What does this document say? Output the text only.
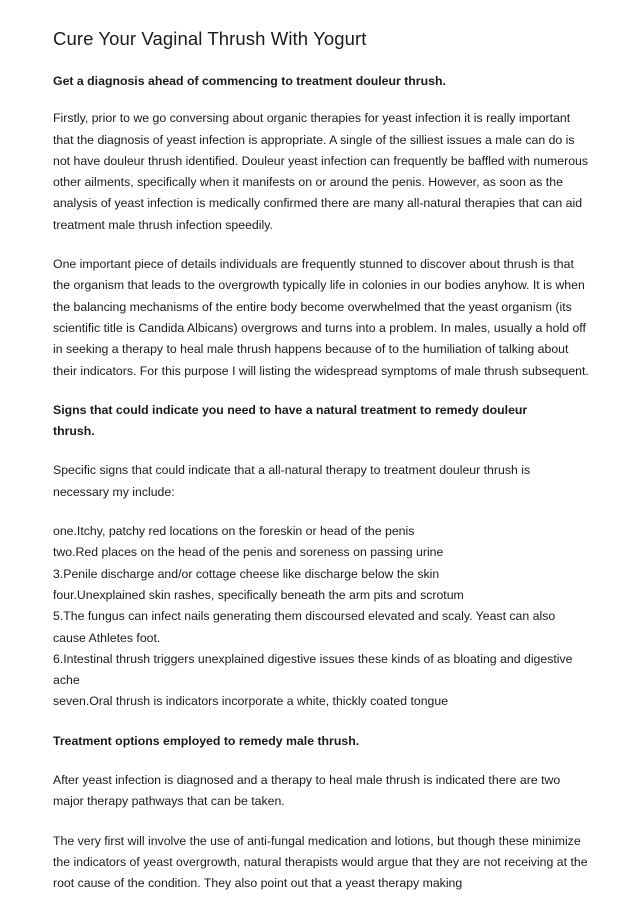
Cure Your Vaginal Thrush With Yogurt

Get a diagnosis ahead of commencing to treatment douleur thrush.

Firstly, prior to we go conversing about organic therapies for yeast infection it is really important that the diagnosis of yeast infection is appropriate. A single of the silliest issues a male can do is not have douleur thrush identified. Douleur yeast infection can frequently be baffled with numerous other ailments, specifically when it manifests on or around the penis. However, as soon as the analysis of yeast infection is medically confirmed there are many all-natural therapies that can aid treatment male thrush infection speedily.

One important piece of details individuals are frequently stunned to discover about thrush is that the organism that leads to the overgrowth typically life in colonies in our bodies anyhow. It is when the balancing mechanisms of the entire body become overwhelmed that the yeast organism (its scientific title is Candida Albicans) overgrows and turns into a problem. In males, usually a hold off in seeking a therapy to heal male thrush happens because of to the humiliation of talking about their indicators. For this purpose I will listing the widespread symptoms of male thrush subsequent.

Signs that could indicate you need to have a natural treatment to remedy douleur thrush.

Specific signs that could indicate that a all-natural therapy to treatment douleur thrush is necessary my include:

one.Itchy, patchy red locations on the foreskin or head of the penis
two.Red places on the head of the penis and soreness on passing urine
3.Penile discharge and/or cottage cheese like discharge below the skin
four.Unexplained skin rashes, specifically beneath the arm pits and scrotum
5.The fungus can infect nails generating them discoursed elevated and scaly. Yeast can also cause Athletes foot.
6.Intestinal thrush triggers unexplained digestive issues these kinds of as bloating and digestive ache
seven.Oral thrush is indicators incorporate a white, thickly coated tongue

Treatment options employed to remedy male thrush.

After yeast infection is diagnosed and a therapy to heal male thrush is indicated there are two major therapy pathways that can be taken.

The very first will involve the use of anti-fungal medication and lotions, but though these minimize the indicators of yeast overgrowth, natural therapists would argue that they are not receiving at the root cause of the condition. They also point out that a yeast therapy making
